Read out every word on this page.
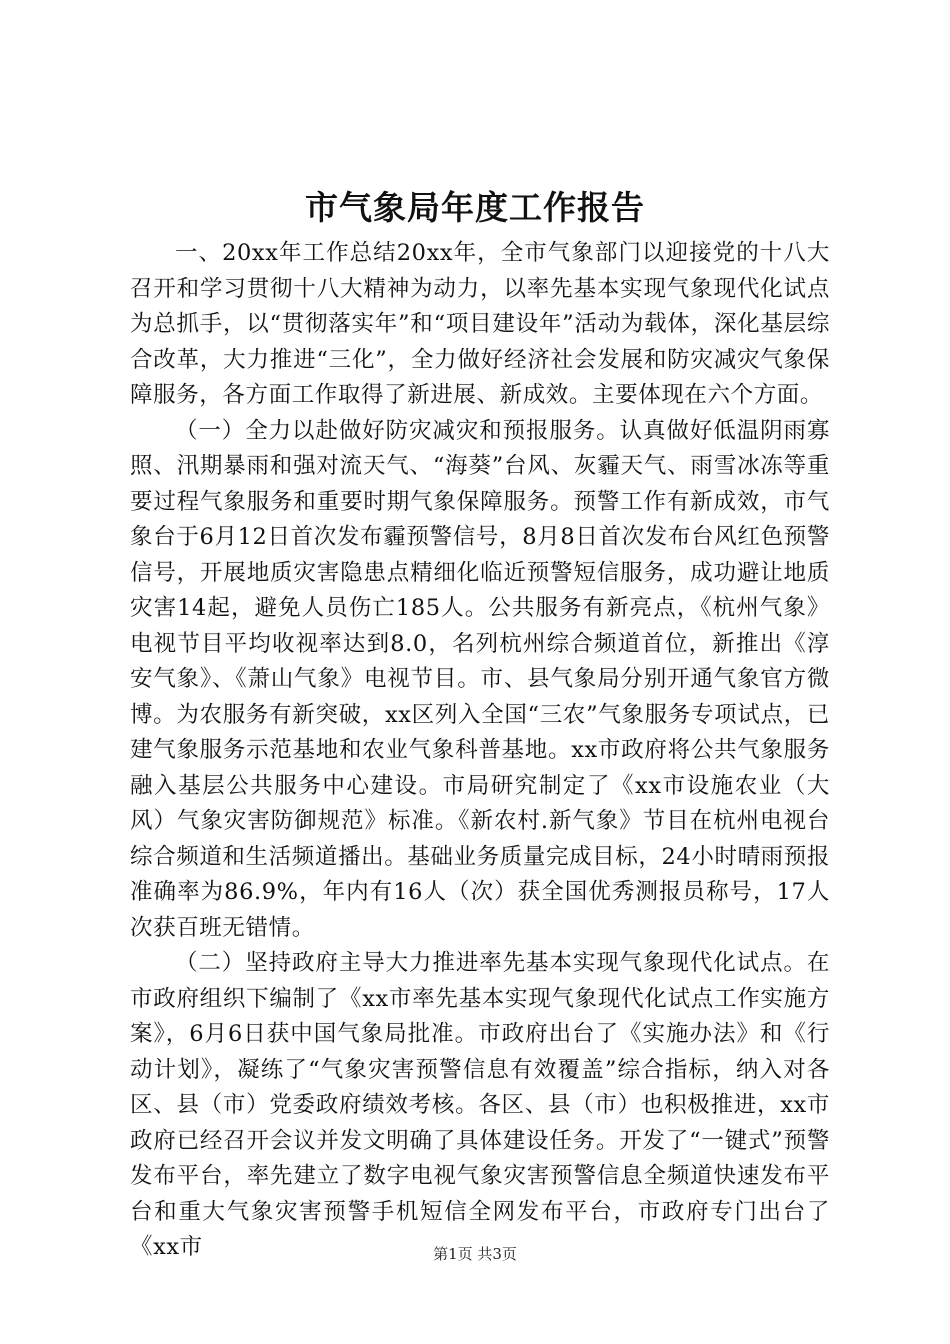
市气象局年度工作报告

一、20xx年工作总结20xx年，全市气象部门以迎接党的十八大召开和学习贯彻十八大精神为动力，以率先基本实现气象现代化试点为总抓手，以“贯彻落实年”和“项目建设年”活动为载体，深化基层综合改革，大力推进“三化”，全力做好经济社会发展和防灾减灾气象保障服务，各方面工作取得了新进展、新成效。主要体现在六个方面。

（一）全力以赴做好防灾减灾和预报服务。认真做好低温阴雨寡照、汛期暴雨和强对流天气、“海葵”台风、灰霾天气、雨雪冰冻等重要过程气象服务和重要时期气象保障服务。预警工作有新成效，市气象台于6月12日首次发布霾预警信号，8月8日首次发布台风红色预警信号，开展地质灾害隐患点精细化临近预警短信服务，成功避让地质灾害14起，避免人员伤亡185人。公共服务有新亮点，《杭州气象》电视节目平均收视率达到8.0，名列杭州综合频道首位，新推出《淳安气象》、《萧山气象》电视节目。市、县气象局分别开通气象官方微博。为农服务有新突破，xx区列入全国“三农”气象服务专项试点，已建气象服务示范基地和农业气象科普基地。xx市政府将公共气象服务融入基层公共服务中心建设。市局研究制定了《xx市设施农业（大风）气象灾害防御规范》标准。《新农村.新气象》节目在杭州电视台综合频道和生活频道播出。基础业务质量完成目标，24小时晴雨预报准确率为86.9%，年内有16人（次）获全国优秀测报员称号，17人次获百班无错情。

（二）坚持政府主导大力推进率先基本实现气象现代化试点。在市政府组织下编制了《xx市率先基本实现气象现代化试点工作实施方案》，6月6日获中国气象局批准。市政府出台了《实施办法》和《行动计划》，凝练了“气象灾害预警信息有效覆盖”综合指标，纳入对各区、县（市）党委政府绩效考核。各区、县（市）也积极推进，xx市政府已经召开会议并发文明确了具体建设任务。开发了“一键式”预警发布平台，率先建立了数字电视气象灾害预警信息全频道快速发布平台和重大气象灾害预警手机短信全网发布平台，市政府专门出台了《xx市	第1页 共3页
